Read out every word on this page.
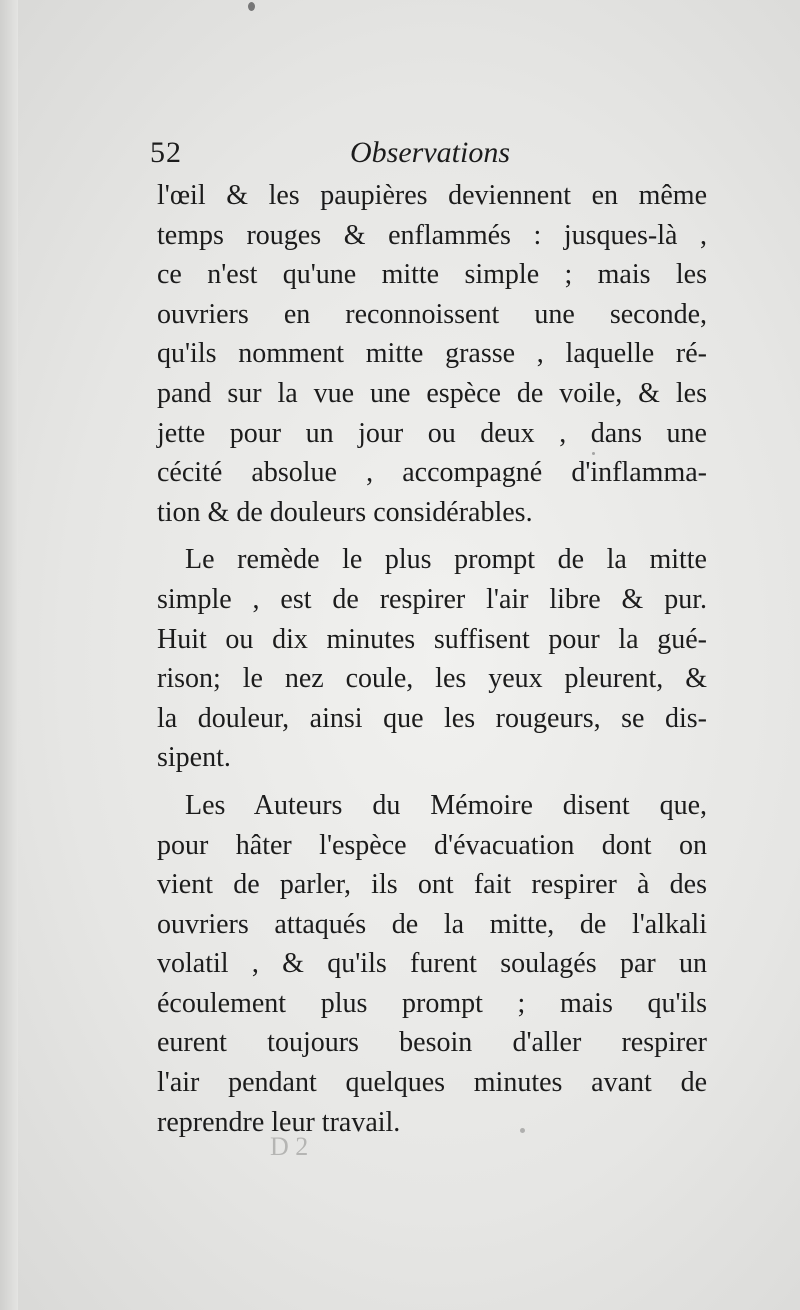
52	Observations
l'œil & les paupières deviennent en même
temps rouges & enflammés : jusques-là ,
ce n'est qu'une mitte simple ; mais les
ouvriers en reconnoissent une seconde,
qu'ils nomment mitte grasse , laquelle ré-
pand sur la vue une espèce de voile, & les
jette pour un jour ou deux , dans une
cécité absolue , accompagné d'inflamma-
tion & de douleurs considérables.
Le remède le plus prompt de la mitte
simple , est de respirer l'air libre & pur.
Huit ou dix minutes suffisent pour la gué-
rison; le nez coule, les yeux pleurent, &
la douleur, ainsi que les rougeurs, se dis-
sipent.
Les Auteurs du Mémoire disent que,
pour hâter l'espèce d'évacuation dont on
vient de parler, ils ont fait respirer à des
ouvriers attaqués de la mitte, de l'alkali
volatil , & qu'ils furent soulagés par un
écoulement plus prompt ; mais qu'ils
eurent toujours besoin d'aller respirer
l'air pendant quelques minutes avant de
reprendre leur travail.
D 2
